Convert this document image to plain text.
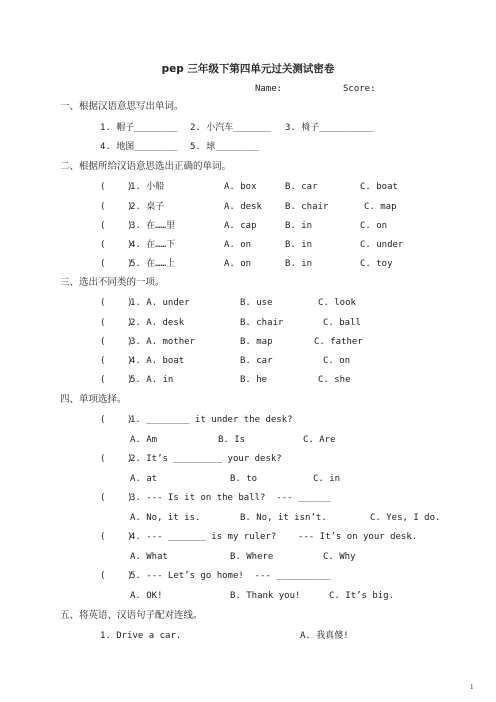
pep 三年级下第四单元过关测试密卷
Name:	Score:
一、根据汉语意思写出单词。
1. 帽子________ 2. 小汽车_______ 3. 椅子__________
4. 地图________ 5. 球________
二、根据所给汉语意思选出正确的单词。
(    )
1. 小船	A. box	B. car	C. boat
(    )
2. 桌子	A. desk	B. chair	C. map
(    )
3. 在……里	A. cap	B. in	C. on
(    )
4. 在……下	A. on	B. in	C. under
(    )
5. 在……上	A. on	B. in	C. toy
三、选出不同类的一项。
(    )
1. A. under	B. use	C. look
(    )
2. A. desk	B. chair	C. ball
(    )
3. A. mother	B. map	C. father
(    )
4. A. boat	B. car	C. on
(    )
5. A. in	B. he	C. she
四、单项选择。
(    )
1. ________ it under the desk?
A. Am	B. Is	C. Are
(    )
2. It’s _________ your desk?
A. at	B. to	C. in
(    )
3. --- Is it on the ball?  --- ______
A. No, it is.	B. No, it isn’t.	C. Yes, I do.
(    )
4. --- _______ is my ruler?    --- It’s on your desk.
A. What	B. Where	C. Why
(    )
5. --- Let’s go home!  --- __________
A. OK!	B. Thank you!	C. It’s big.
五、将英语、汉语句子配对连线。
1. Drive a car.	A. 我真傻!
1
